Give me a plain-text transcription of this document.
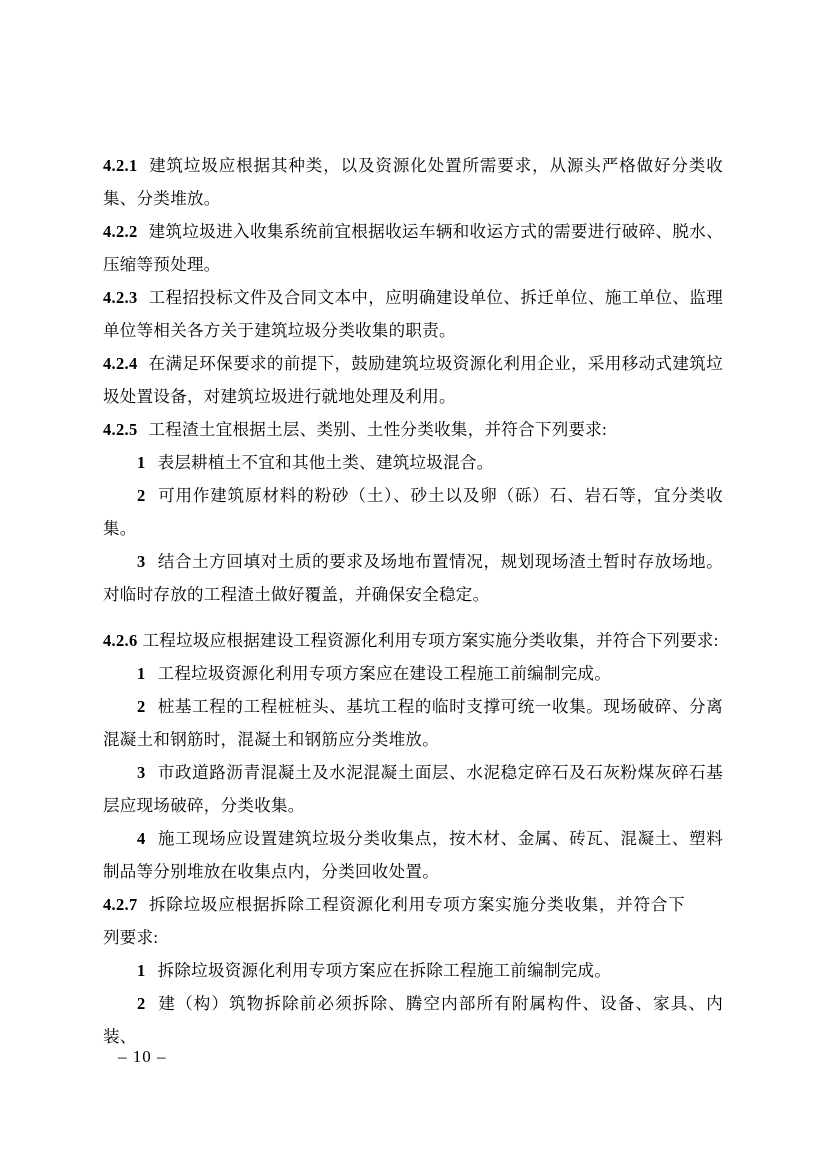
4.2.1 建筑垃圾应根据其种类，以及资源化处置所需要求，从源头严格做好分类收集、分类堆放。

4.2.2 建筑垃圾进入收集系统前宜根据收运车辆和收运方式的需要进行破碎、脱水、压缩等预处理。

4.2.3 工程招投标文件及合同文本中，应明确建设单位、拆迁单位、施工单位、监理单位等相关各方关于建筑垃圾分类收集的职责。

4.2.4 在满足环保要求的前提下，鼓励建筑垃圾资源化利用企业，采用移动式建筑垃圾处置设备，对建筑垃圾进行就地处理及利用。

4.2.5 工程渣土宜根据土层、类别、土性分类收集，并符合下列要求:

1 表层耕植土不宜和其他土类、建筑垃圾混合。

2 可用作建筑原材料的粉砂（土）、砂土以及卵（砾）石、岩石等，宜分类收集。

3 结合土方回填对土质的要求及场地布置情况，规划现场渣土暂时存放场地。对临时存放的工程渣土做好覆盖，并确保安全稳定。

4.2.6 工程垃圾应根据建设工程资源化利用专项方案实施分类收集，并符合下列要求:

1 工程垃圾资源化利用专项方案应在建设工程施工前编制完成。

2 桩基工程的工程桩桩头、基坑工程的临时支撑可统一收集。现场破碎、分离混凝土和钢筋时，混凝土和钢筋应分类堆放。

3 市政道路沥青混凝土及水泥混凝土面层、水泥稳定碎石及石灰粉煤灰碎石基层应现场破碎，分类收集。

4 施工现场应设置建筑垃圾分类收集点，按木材、金属、砖瓦、混凝土、塑料制品等分别堆放在收集点内，分类回收处置。

4.2.7 拆除垃圾应根据拆除工程资源化利用专项方案实施分类收集，并符合下列要求:

1 拆除垃圾资源化利用专项方案应在拆除工程施工前编制完成。

2 建（构）筑物拆除前必须拆除、腾空内部所有附属构件、设备、家具、内装、

– 10 –
